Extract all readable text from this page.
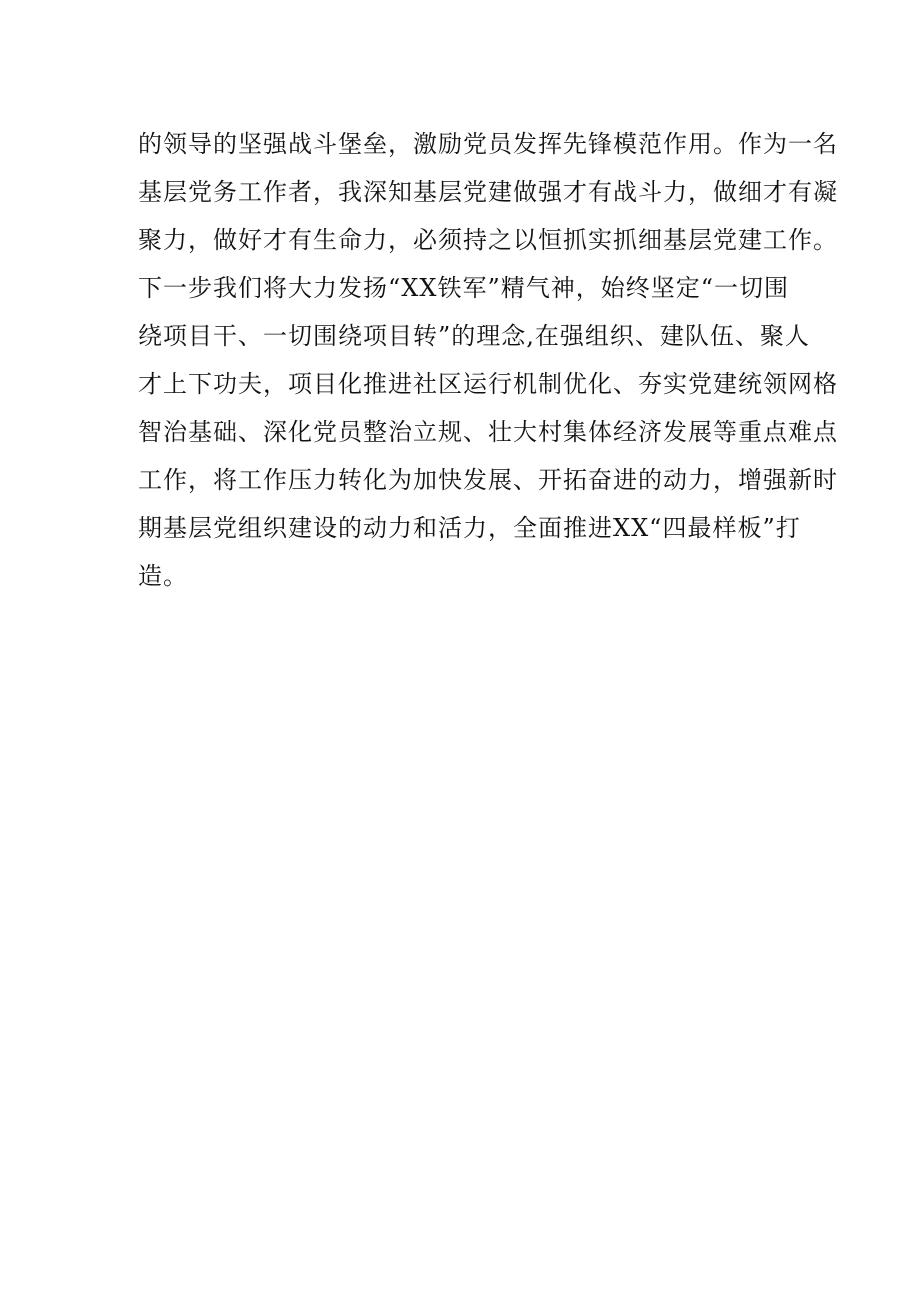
的领导的坚强战斗堡垒，激励党员发挥先锋模范作用。作为一名
基层党务工作者，我深知基层党建做强才有战斗力，做细才有凝
聚力，做好才有生命力，必须持之以恒抓实抓细基层党建工作。
下一步我们将大力发扬“XX铁军”精气神，始终坚定“一切围
绕项目干、一切围绕项目转”的理念,在强组织、建队伍、聚人
才上下功夫，项目化推进社区运行机制优化、夯实党建统领网格
智治基础、深化党员整治立规、壮大村集体经济发展等重点难点
工作，将工作压力转化为加快发展、开拓奋进的动力，增强新时
期基层党组织建设的动力和活力，全面推进XX“四最样板”打
造。
